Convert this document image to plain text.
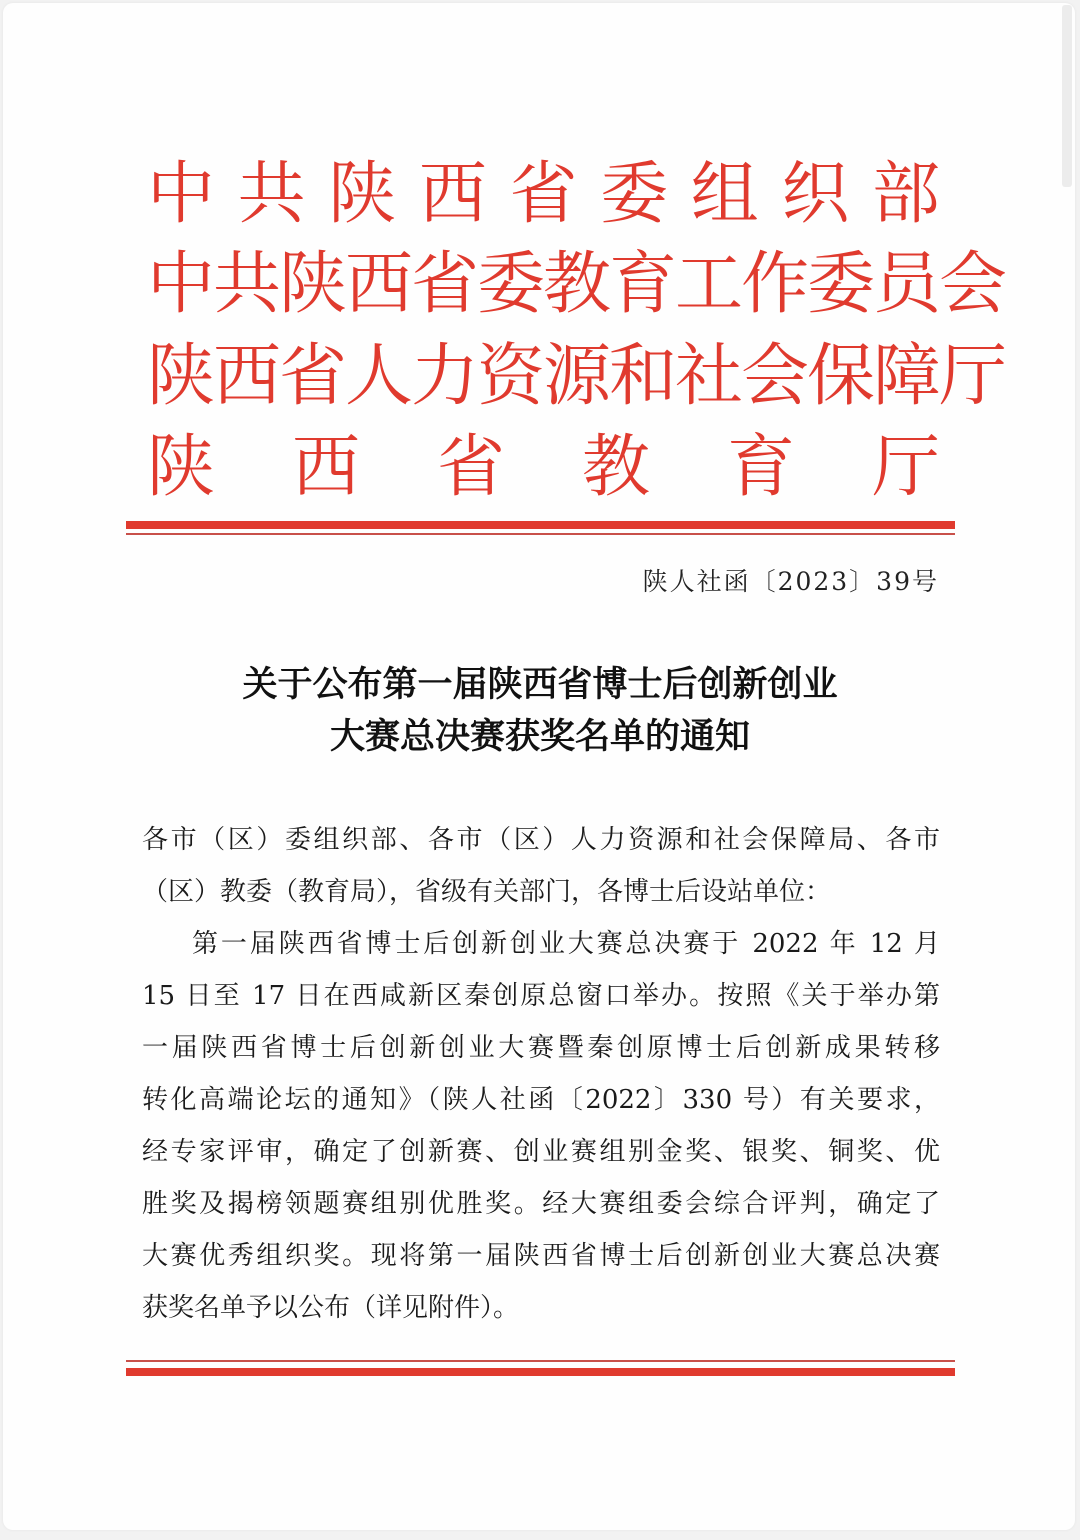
中 共 陕 西 省 委 组 织 部
中
共
陕
西
省
委
教
育
工
作
委
员
会
陕
西
省
人
力
资
源
和
社
会
保
障
厅
陕 西 省 教 育 厅
陕人社函〔2023〕39号
关于公布第一届陕西省博士后创新创业
大赛总决赛获奖名单的通知
各市（区）委组织部、各市（区）人力资源和社会保障局、各市
（区）教委（教育局），省级有关部门，各博士后设站单位：
第一届陕西省博士后创新创业大赛总决赛于 2022 年 12 月
15 日至 17 日在西咸新区秦创原总窗口举办。按照《关于举办第
一届陕西省博士后创新创业大赛暨秦创原博士后创新成果转移
转化高端论坛的通知》（陕人社函〔2022〕330 号）有关要求，
经专家评审，确定了创新赛、创业赛组别金奖、银奖、铜奖、优
胜奖及揭榜领题赛组别优胜奖。经大赛组委会综合评判，确定了
大赛优秀组织奖。现将第一届陕西省博士后创新创业大赛总决赛
获奖名单予以公布（详见附件）。
